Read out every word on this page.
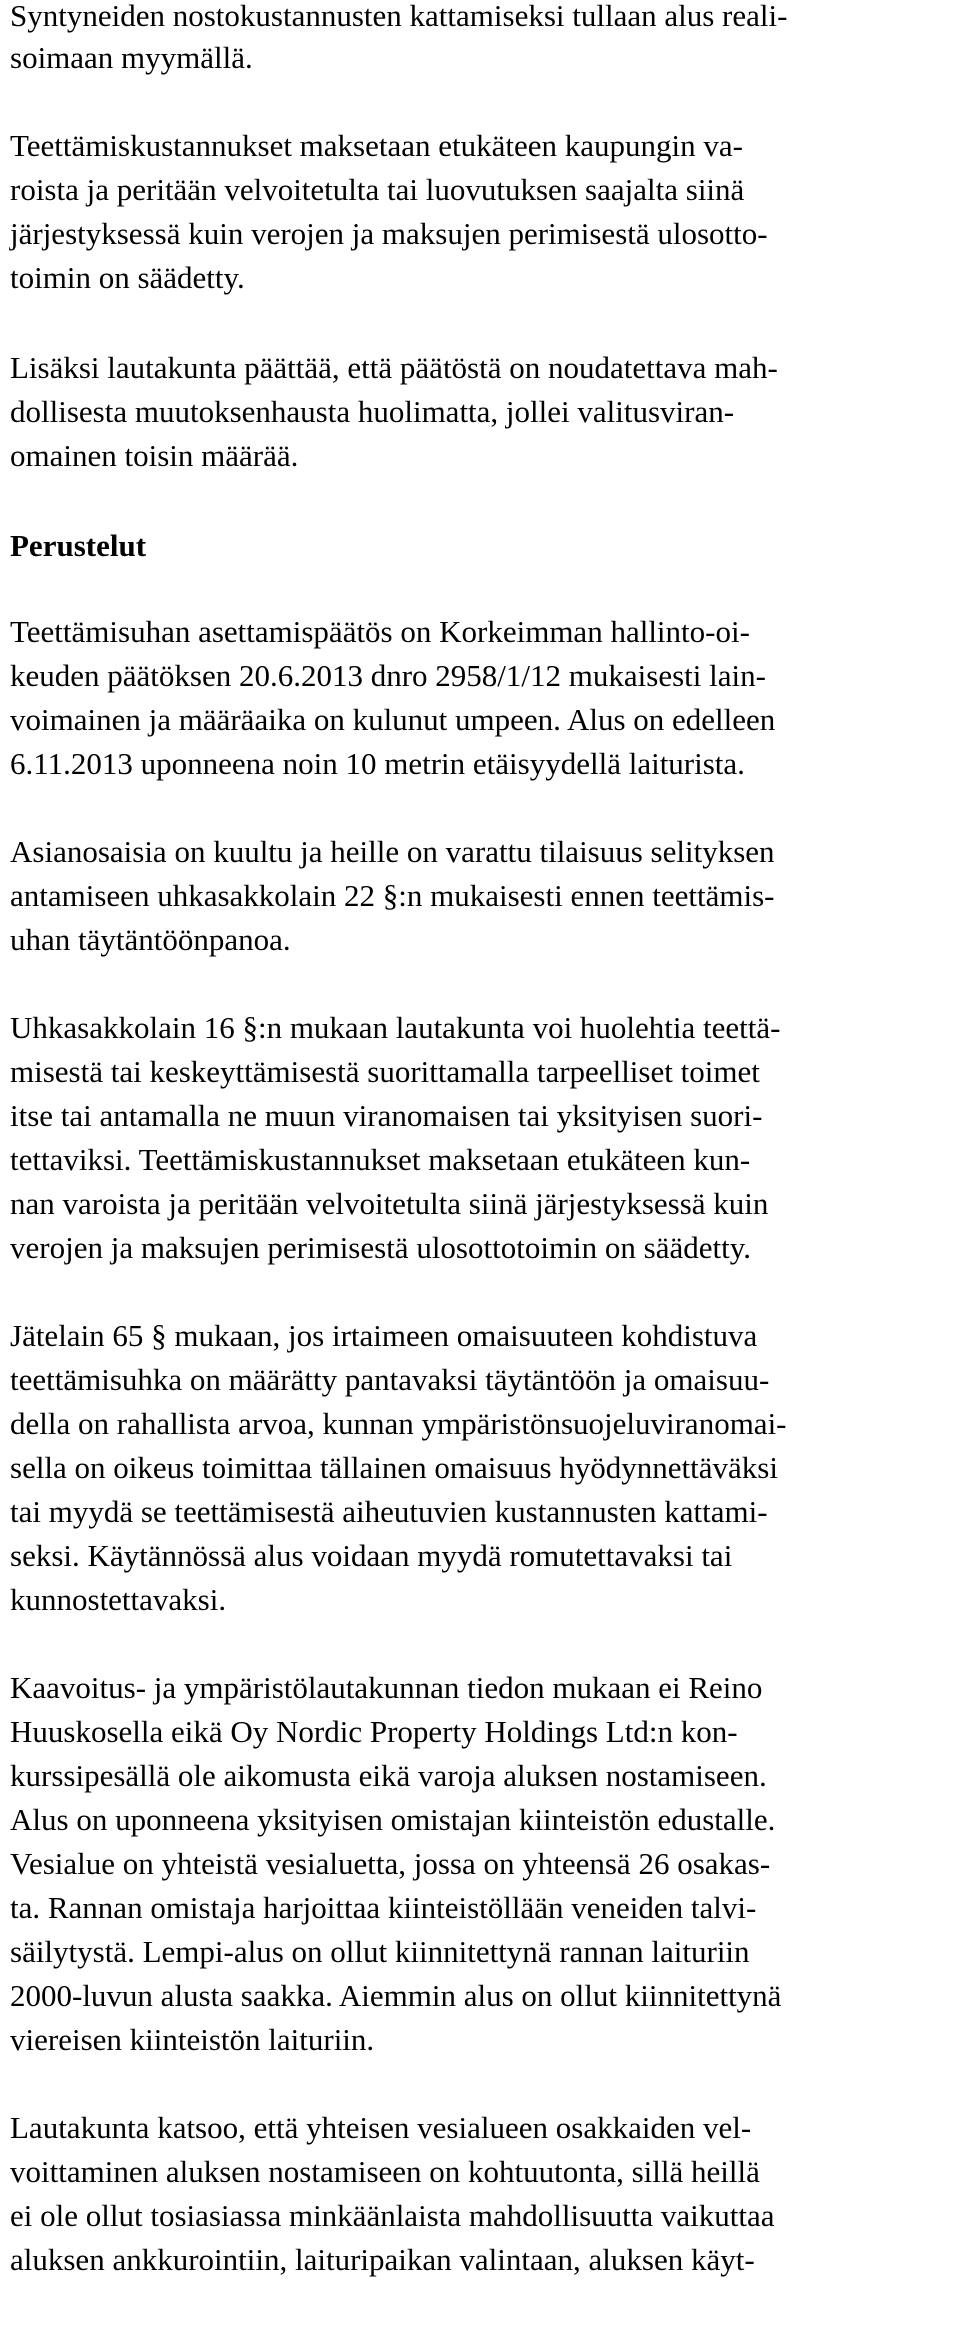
Syntyneiden nostokustannusten kattamiseksi tullaan alus reali-
soimaan myymällä.
Teettämiskustannukset maksetaan etukäteen kaupungin va-
roista ja peritään velvoitetulta tai luovutuksen saajalta siinä
järjestyksessä kuin verojen ja maksujen perimisestä ulosotto-
toimin on säädetty.
Lisäksi lautakunta päättää, että päätöstä on noudatettava mah-
dollisesta muutoksenhausta huolimatta, jollei valitusviran-
omainen toisin määrää.
Perustelut
Teettämisuhan asettamispäätös on Korkeimman hallinto-oi-
keuden päätöksen 20.6.2013 dnro 2958/1/12 mukaisesti lain-
voimainen ja määräaika on kulunut umpeen. Alus on edelleen
6.11.2013 uponneena noin 10 metrin etäisyydellä laiturista.
Asianosaisia on kuultu ja heille on varattu tilaisuus selityksen
antamiseen uhkasakkolain 22 §:n mukaisesti ennen teettämis-
uhan täytäntöönpanoa.
Uhkasakkolain 16 §:n mukaan lautakunta voi huolehtia teettä-
misestä tai keskeyttämisestä suorittamalla tarpeelliset toimet
itse tai antamalla ne muun viranomaisen tai yksityisen suori-
tettaviksi. Teettämiskustannukset maksetaan etukäteen kun-
nan varoista ja peritään velvoitetulta siinä järjestyksessä kuin
verojen ja maksujen perimisestä ulosottotoimin on säädetty.
Jätelain 65 § mukaan, jos irtaimeen omaisuuteen kohdistuva
teettämisuhka on määrätty pantavaksi täytäntöön ja omaisuu-
della on rahallista arvoa, kunnan ympäristönsuojeluviranomai-
sella on oikeus toimittaa tällainen omaisuus hyödynnettäväksi
tai myydä se teettämisestä aiheutuvien kustannusten kattami-
seksi. Käytännössä alus voidaan myydä romutettavaksi tai
kunnostettavaksi.
Kaavoitus- ja ympäristölautakunnan tiedon mukaan ei Reino
Huuskosella eikä Oy Nordic Property Holdings Ltd:n kon-
kurssipesällä ole aikomusta eikä varoja aluksen nostamiseen.
Alus on uponneena yksityisen omistajan kiinteistön edustalle.
Vesialue on yhteistä vesialuetta, jossa on yhteensä 26 osakas-
ta. Rannan omistaja harjoittaa kiinteistöllään veneiden talvi-
säilytystä. Lempi-alus on ollut kiinnitettynä rannan laituriin
2000-luvun alusta saakka. Aiemmin alus on ollut kiinnitettynä
viereisen kiinteistön laituriin.
Lautakunta katsoo, että yhteisen vesialueen osakkaiden vel-
voittaminen aluksen nostamiseen on kohtuutonta, sillä heillä
ei ole ollut tosiasiassa minkäänlaista mahdollisuutta vaikuttaa
aluksen ankkurointiin, laituripaikan valintaan, aluksen käyt-
